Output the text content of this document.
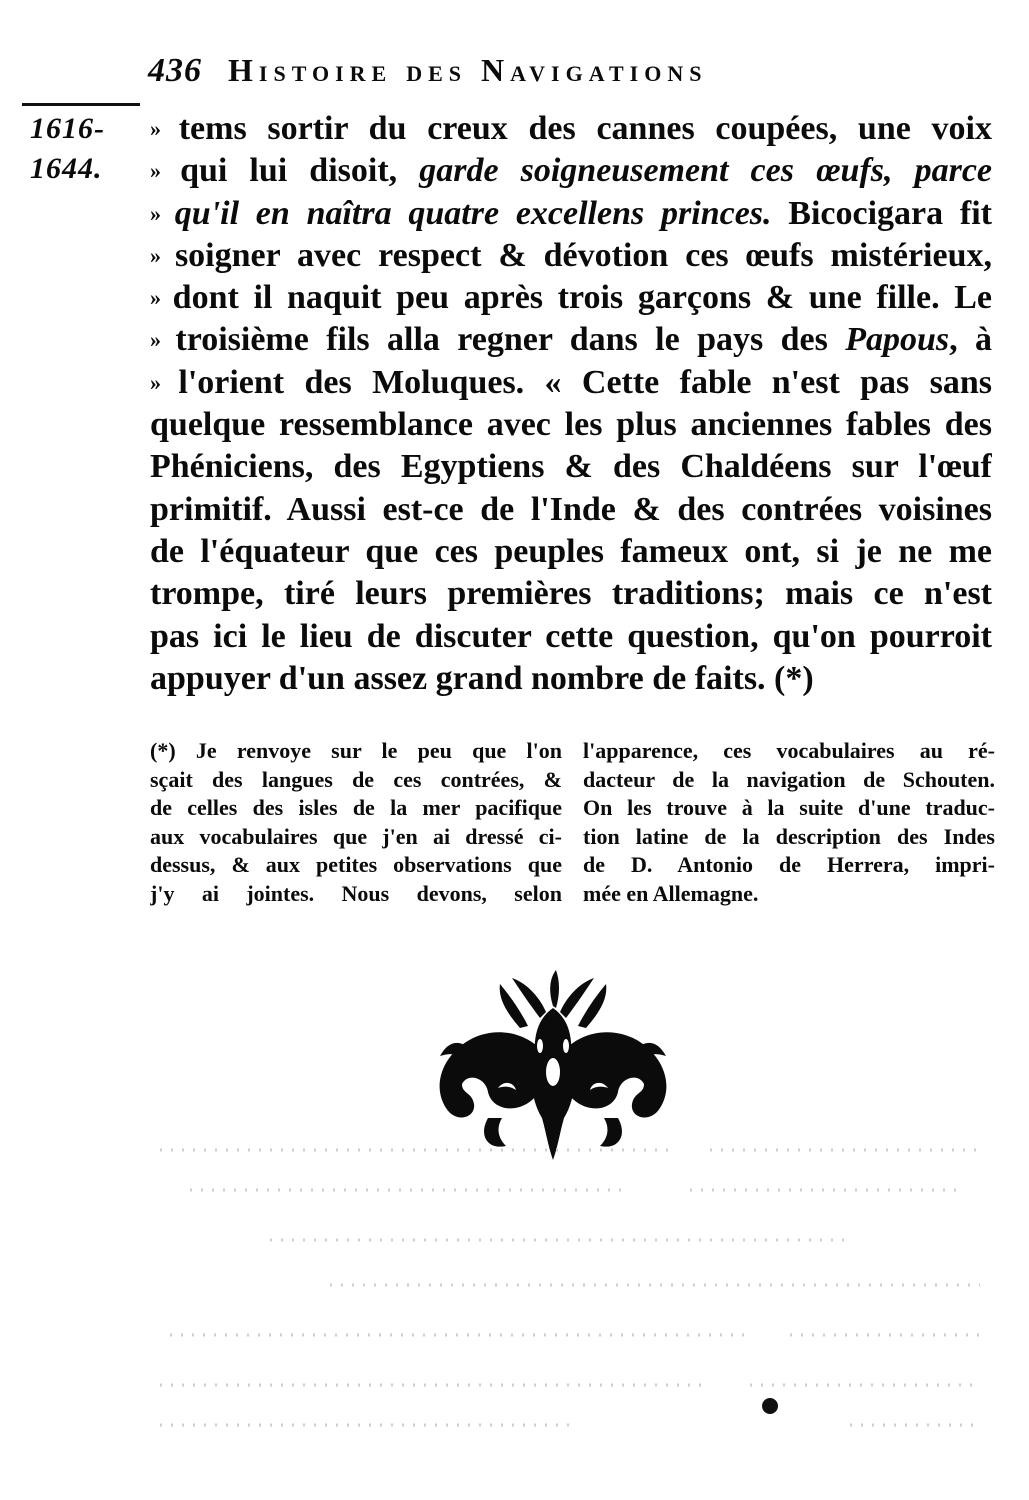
436 Histoire des Navigations
1616-
1644.
» tems sortir du creux des cannes coupées, une voix
» qui lui disoit, garde soigneusement ces œufs, parce
» qu'il en naîtra quatre excellens princes. Bicocigara fit
» soigner avec respect & dévotion ces œufs mistérieux,
» dont il naquit peu après trois garçons & une fille. Le
» troisième fils alla regner dans le pays des Papous, à
» l'orient des Moluques. « Cette fable n'est pas sans
quelque ressemblance avec les plus anciennes fables des
Phéniciens, des Egyptiens & des Chaldéens sur l'œuf
primitif. Aussi est-ce de l'Inde & des contrées voisines
de l'équateur que ces peuples fameux ont, si je ne me
trompe, tiré leurs premières traditions; mais ce n'est
pas ici le lieu de discuter cette question, qu'on pourroit
appuyer d'un assez grand nombre de faits. (*)
(*) Je renvoye sur le peu que l'on
sçait des langues de ces contrées, &
de celles des isles de la mer pacifique
aux vocabulaires que j'en ai dressé ci-
dessus, & aux petites observations que
j'y ai jointes. Nous devons, selon
l'apparence, ces vocabulaires au ré-
dacteur de la navigation de Schouten.
On les trouve à la suite d'une traduc-
tion latine de la description des Indes
de D. Antonio de Herrera, impri-
mée en Allemagne.
